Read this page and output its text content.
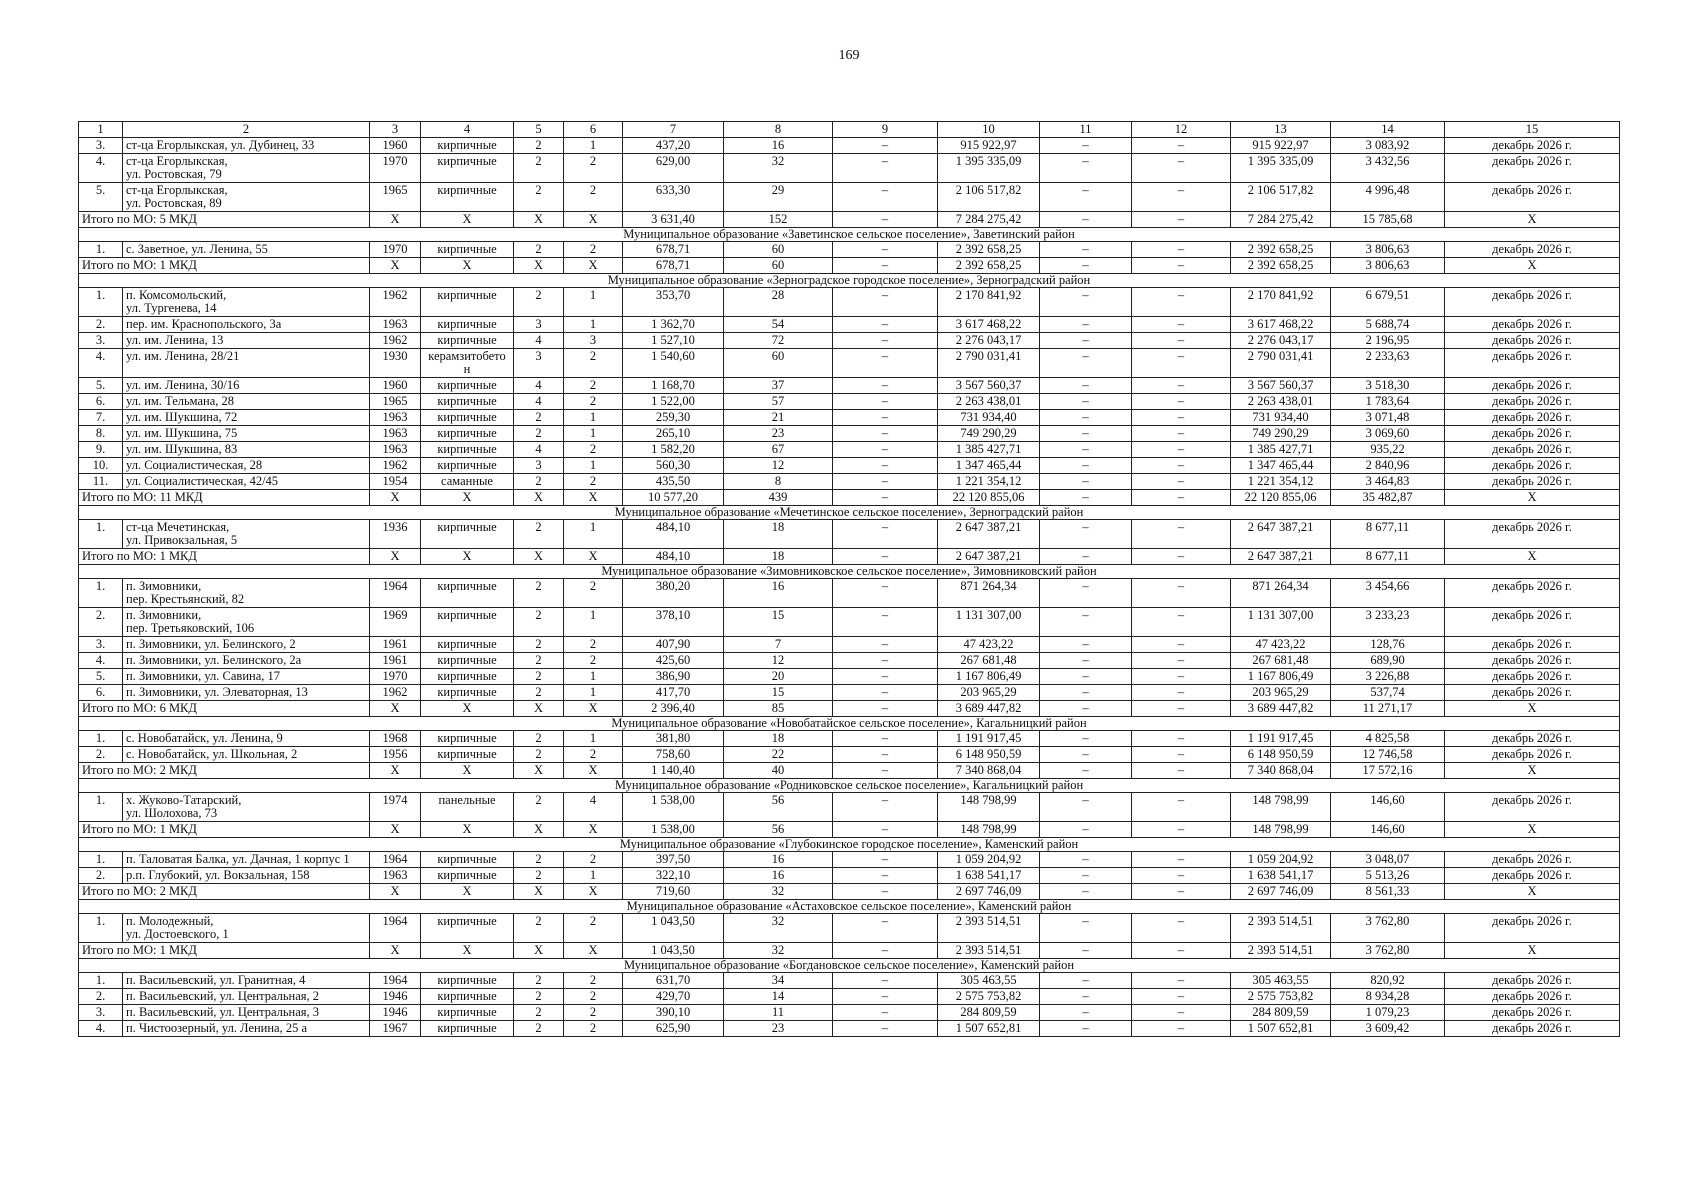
169
1	2	3	4	5	6	7	8	9	10	11	12	13	14	15
3.	ст-ца Егорлыкская, ул. Дубинец, 33	1960	кирпичные	2	1	437,20	16	–	915 922,97	–	–	915 922,97	3 083,92	декабрь 2026 г.
4.	ст-ца Егорлыкская,
ул. Ростовская, 79	1970	кирпичные	2	2	629,00	32	–	1 395 335,09	–	–	1 395 335,09	3 432,56	декабрь 2026 г.
5.	ст-ца Егорлыкская,
ул. Ростовская, 89	1965	кирпичные	2	2	633,30	29	–	2 106 517,82	–	–	2 106 517,82	4 996,48	декабрь 2026 г.
Итого по МО: 5 МКД		X	X	X	X	3 631,40	152	–	7 284 275,42	–	–	7 284 275,42	15 785,68	X
Муниципальное образование «Заветинское сельское поселение», Заветинский район														
1.	с. Заветное, ул. Ленина, 55	1970	кирпичные	2	2	678,71	60	–	2 392 658,25	–	–	2 392 658,25	3 806,63	декабрь 2026 г.
Итого по МО: 1 МКД		X	X	X	X	678,71	60	–	2 392 658,25	–	–	2 392 658,25	3 806,63	X
Муниципальное образование «Зерноградское городское поселение», Зерноградский район														
1.	п. Комсомольский,
ул. Тургенева, 14	1962	кирпичные	2	1	353,70	28	–	2 170 841,92	–	–	2 170 841,92	6 679,51	декабрь 2026 г.
2.	пер. им. Краснопольского, 3а	1963	кирпичные	3	1	1 362,70	54	–	3 617 468,22	–	–	3 617 468,22	5 688,74	декабрь 2026 г.
3.	ул. им. Ленина, 13	1962	кирпичные	4	3	1 527,10	72	–	2 276 043,17	–	–	2 276 043,17	2 196,95	декабрь 2026 г.
4.	ул. им. Ленина, 28/21	1930	керамзитобето
н	3	2	1 540,60	60	–	2 790 031,41	–	–	2 790 031,41	2 233,63	декабрь 2026 г.
5.	ул. им. Ленина, 30/16	1960	кирпичные	4	2	1 168,70	37	–	3 567 560,37	–	–	3 567 560,37	3 518,30	декабрь 2026 г.
6.	ул. им. Тельмана, 28	1965	кирпичные	4	2	1 522,00	57	–	2 263 438,01	–	–	2 263 438,01	1 783,64	декабрь 2026 г.
7.	ул. им. Шукшина, 72	1963	кирпичные	2	1	259,30	21	–	731 934,40	–	–	731 934,40	3 071,48	декабрь 2026 г.
8.	ул. им. Шукшина, 75	1963	кирпичные	2	1	265,10	23	–	749 290,29	–	–	749 290,29	3 069,60	декабрь 2026 г.
9.	ул. им. Шукшина, 83	1963	кирпичные	4	2	1 582,20	67	–	1 385 427,71	–	–	1 385 427,71	935,22	декабрь 2026 г.
10.	ул. Социалистическая, 28	1962	кирпичные	3	1	560,30	12	–	1 347 465,44	–	–	1 347 465,44	2 840,96	декабрь 2026 г.
11.	ул. Социалистическая, 42/45	1954	саманные	2	2	435,50	8	–	1 221 354,12	–	–	1 221 354,12	3 464,83	декабрь 2026 г.
Итого по МО: 11 МКД		X	X	X	X	10 577,20	439	–	22 120 855,06	–	–	22 120 855,06	35 482,87	X
Муниципальное образование «Мечетинское сельское поселение», Зерноградский район														
1.	ст-ца Мечетинская,
ул. Привокзальная, 5	1936	кирпичные	2	1	484,10	18	–	2 647 387,21	–	–	2 647 387,21	8 677,11	декабрь 2026 г.
Итого по МО: 1 МКД		X	X	X	X	484,10	18	–	2 647 387,21	–	–	2 647 387,21	8 677,11	X
Муниципальное образование «Зимовниковское сельское поселение», Зимовниковский район														
1.	п. Зимовники,
пер. Крестьянский, 82	1964	кирпичные	2	2	380,20	16	–	871 264,34	–	–	871 264,34	3 454,66	декабрь 2026 г.
2.	п. Зимовники,
пер. Третьяковский, 106	1969	кирпичные	2	1	378,10	15	–	1 131 307,00	–	–	1 131 307,00	3 233,23	декабрь 2026 г.
3.	п. Зимовники, ул. Белинского, 2	1961	кирпичные	2	2	407,90	7	–	47 423,22	–	–	47 423,22	128,76	декабрь 2026 г.
4.	п. Зимовники, ул. Белинского, 2а	1961	кирпичные	2	2	425,60	12	–	267 681,48	–	–	267 681,48	689,90	декабрь 2026 г.
5.	п. Зимовники, ул. Савина, 17	1970	кирпичные	2	1	386,90	20	–	1 167 806,49	–	–	1 167 806,49	3 226,88	декабрь 2026 г.
6.	п. Зимовники, ул. Элеваторная, 13	1962	кирпичные	2	1	417,70	15	–	203 965,29	–	–	203 965,29	537,74	декабрь 2026 г.
Итого по МО: 6 МКД		X	X	X	X	2 396,40	85	–	3 689 447,82	–	–	3 689 447,82	11 271,17	X
Муниципальное образование «Новобатайское сельское поселение», Кагальницкий район														
1.	с. Новобатайск, ул. Ленина, 9	1968	кирпичные	2	1	381,80	18	–	1 191 917,45	–	–	1 191 917,45	4 825,58	декабрь 2026 г.
2.	с. Новобатайск, ул. Школьная, 2	1956	кирпичные	2	2	758,60	22	–	6 148 950,59	–	–	6 148 950,59	12 746,58	декабрь 2026 г.
Итого по МО: 2 МКД		X	X	X	X	1 140,40	40	–	7 340 868,04	–	–	7 340 868,04	17 572,16	X
Муниципальное образование «Родниковское сельское поселение», Кагальницкий район														
1.	х. Жуково-Татарский,
ул. Шолохова, 73	1974	панельные	2	4	1 538,00	56	–	148 798,99	–	–	148 798,99	146,60	декабрь 2026 г.
Итого по МО: 1 МКД		X	X	X	X	1 538,00	56	–	148 798,99	–	–	148 798,99	146,60	X
Муниципальное образование «Глубокинское городское поселение», Каменский район														
1.	п. Таловатая Балка, ул. Дачная, 1 корпус 1	1964	кирпичные	2	2	397,50	16	–	1 059 204,92	–	–	1 059 204,92	3 048,07	декабрь 2026 г.
2.	р.п. Глубокий, ул. Вокзальная, 158	1963	кирпичные	2	1	322,10	16	–	1 638 541,17	–	–	1 638 541,17	5 513,26	декабрь 2026 г.
Итого по МО: 2 МКД		X	X	X	X	719,60	32	–	2 697 746,09	–	–	2 697 746,09	8 561,33	X
Муниципальное образование «Астаховское сельское поселение», Каменский район														
1.	п. Молодежный,
ул. Достоевского, 1	1964	кирпичные	2	2	1 043,50	32	–	2 393 514,51	–	–	2 393 514,51	3 762,80	декабрь 2026 г.
Итого по МО: 1 МКД		X	X	X	X	1 043,50	32	–	2 393 514,51	–	–	2 393 514,51	3 762,80	X
Муниципальное образование «Богдановское сельское поселение», Каменский район														
1.	п. Васильевский, ул. Гранитная, 4	1964	кирпичные	2	2	631,70	34	–	305 463,55	–	–	305 463,55	820,92	декабрь 2026 г.
2.	п. Васильевский, ул. Центральная, 2	1946	кирпичные	2	2	429,70	14	–	2 575 753,82	–	–	2 575 753,82	8 934,28	декабрь 2026 г.
3.	п. Васильевский, ул. Центральная, 3	1946	кирпичные	2	2	390,10	11	–	284 809,59	–	–	284 809,59	1 079,23	декабрь 2026 г.
4.	п. Чистоозерный, ул. Ленина, 25 а	1967	кирпичные	2	2	625,90	23	–	1 507 652,81	–	–	1 507 652,81	3 609,42	декабрь 2026 г.
